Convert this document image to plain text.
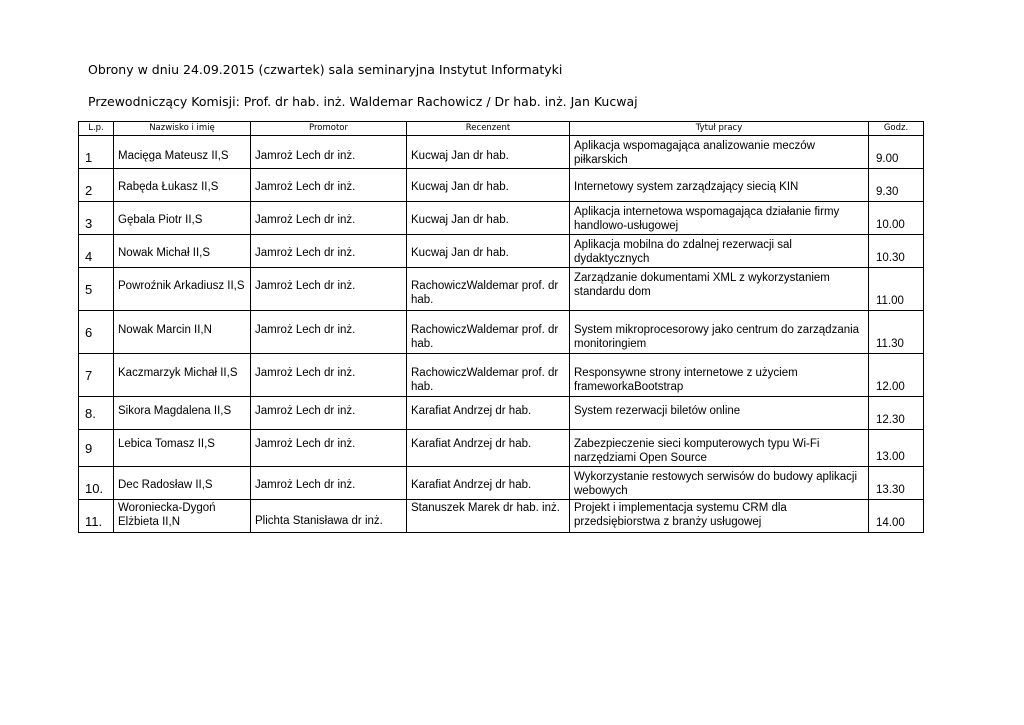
Obrony w dniu 24.09.2015 (czwartek) sala seminaryjna Instytut Informatyki
Przewodniczący Komisji: Prof. dr hab. inż. Waldemar Rachowicz / Dr hab. inż. Jan Kucwaj
L.p.	Nazwisko i imię	Promotor	Recenzent	Tytuł pracy	Godz.
1	Macięga Mateusz II,S	Jamroż Lech dr inż.	Kucwaj Jan dr hab.	Aplikacja wspomagająca analizowanie meczów piłkarskich	9.00
2	Rabęda Łukasz II,S	Jamroż Lech dr inż.	Kucwaj Jan dr hab.	Internetowy system zarządzający siecią KIN	9.30
3	Gębala Piotr II,S	Jamroż Lech dr inż.	Kucwaj Jan dr hab.	Aplikacja internetowa wspomagająca działanie firmy handlowo-usługowej	10.00
4	Nowak Michał II,S	Jamroż Lech dr inż.	Kucwaj Jan dr hab.	Aplikacja mobilna do zdalnej rezerwacji sal dydaktycznych	10.30
5	Powroźnik Arkadiusz II,S	Jamroż Lech dr inż.	RachowiczWaldemar prof. dr hab.	Zarządzanie dokumentami XML z wykorzystaniem standardu dom	11.00
6	Nowak Marcin II,N	Jamroż Lech dr inż.	RachowiczWaldemar prof. dr hab.	System mikroprocesorowy jako centrum do zarządzania monitoringiem	11.30
7	Kaczmarzyk Michał II,S	Jamroż Lech dr inż.	RachowiczWaldemar prof. dr hab.	Responsywne strony internetowe z użyciem frameworkaBootstrap	12.00
8.	Sikora Magdalena II,S	Jamroż Lech dr inż.	Karafiat Andrzej dr hab.	System rezerwacji biletów online	12.30
9	Lebica Tomasz II,S	Jamroż Lech dr inż.	Karafiat Andrzej dr hab.	Zabezpieczenie sieci komputerowych typu Wi-Fi narzędziami Open Source	13.00
10.	Dec Radosław II,S	Jamroż Lech dr inż.	Karafiat Andrzej dr hab.	Wykorzystanie restowych serwisów do budowy aplikacji webowych	13.30
11.	Woroniecka-Dygoń Elżbieta II,N	Plichta Stanisława dr inż.	Stanuszek Marek dr hab. inż.	Projekt i implementacja systemu CRM dla przedsiębiorstwa z branży usługowej	14.00
